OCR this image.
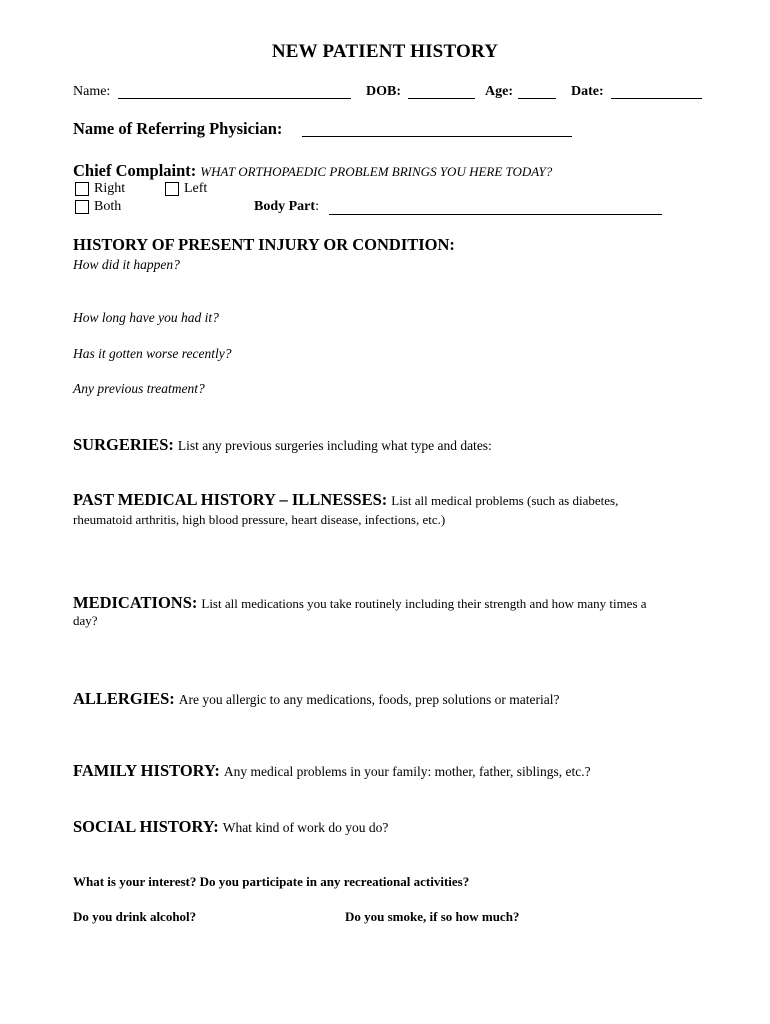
NEW PATIENT HISTORY
Name:	DOB:	Age:	Date:
Name of Referring Physician:
Chief Complaint: WHAT ORTHOPAEDIC PROBLEM BRINGS YOU HERE TODAY?
Right	Left
Both	Body Part:
HISTORY OF PRESENT INJURY OR CONDITION:
How did it happen?
How long have you had it?
Has it gotten worse recently?
Any previous treatment?
SURGERIES: List any previous surgeries including what type and dates:
PAST MEDICAL HISTORY – ILLNESSES: List all medical problems (such as diabetes,
rheumatoid arthritis, high blood pressure, heart disease, infections, etc.)
MEDICATIONS: List all medications you take routinely including their strength and how many times a
day?
ALLERGIES: Are you allergic to any medications, foods, prep solutions or material?
FAMILY HISTORY: Any medical problems in your family: mother, father, siblings, etc.?
SOCIAL HISTORY: What kind of work do you do?
What is your interest? Do you participate in any recreational activities?
Do you drink alcohol?	Do you smoke, if so how much?
